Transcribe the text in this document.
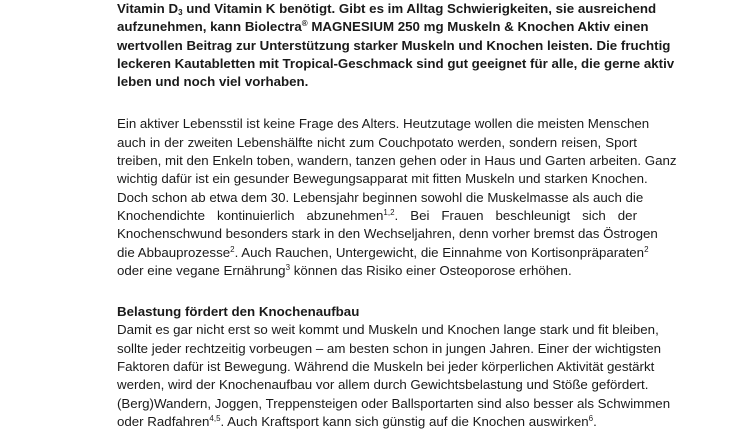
Vitamin $D_3$ und Vitamin K benötigt. Gibt es im Alltag Schwierigkeiten, sie ausreichend
aufzunehmen, kann Biolectra® MAGNESIUM 250 mg Muskeln & Knochen Aktiv einen
wertvollen Beitrag zur Unterstützung starker Muskeln und Knochen leisten. Die fruchtig
leckeren Kautabletten mit Tropical-Geschmack sind gut geeignet für alle, die gerne aktiv
leben und noch viel vorhaben.
Ein aktiver Lebensstil ist keine Frage des Alters. Heutzutage wollen die meisten Menschen
auch in der zweiten Lebenshälfte nicht zum Couchpotato werden, sondern reisen, Sport
treiben, mit den Enkeln toben, wandern, tanzen gehen oder in Haus und Garten arbeiten. Ganz
wichtig dafür ist ein gesunder Bewegungsapparat mit fitten Muskeln und starken Knochen.
Doch schon ab etwa dem 30. Lebensjahr beginnen sowohl die Muskelmasse als auch die
Knochendichte kontinuierlich abzunehmen$^{1,2}$. Bei Frauen beschleunigt sich der
Knochenschwund besonders stark in den Wechseljahren, denn vorher bremst das Östrogen
die Abbauprozesse$^2$. Auch Rauchen, Untergewicht, die Einnahme von Kortisonpräparaten$^2$
oder eine vegane Ernährung$^3$ können das Risiko einer Osteoporose erhöhen.
Belastung fördert den Knochenaufbau
Damit es gar nicht erst so weit kommt und Muskeln und Knochen lange stark und fit bleiben,
sollte jeder rechtzeitig vorbeugen – am besten schon in jungen Jahren. Einer der wichtigsten
Faktoren dafür ist Bewegung. Während die Muskeln bei jeder körperlichen Aktivität gestärkt
werden, wird der Knochenaufbau vor allem durch Gewichtsbelastung und Stöße gefördert.
(Berg)Wandern, Joggen, Treppensteigen oder Ballsportarten sind also besser als Schwimmen
oder Radfahren$^{4,5}$. Auch Kraftsport kann sich günstig auf die Knochen auswirken$^6$.
